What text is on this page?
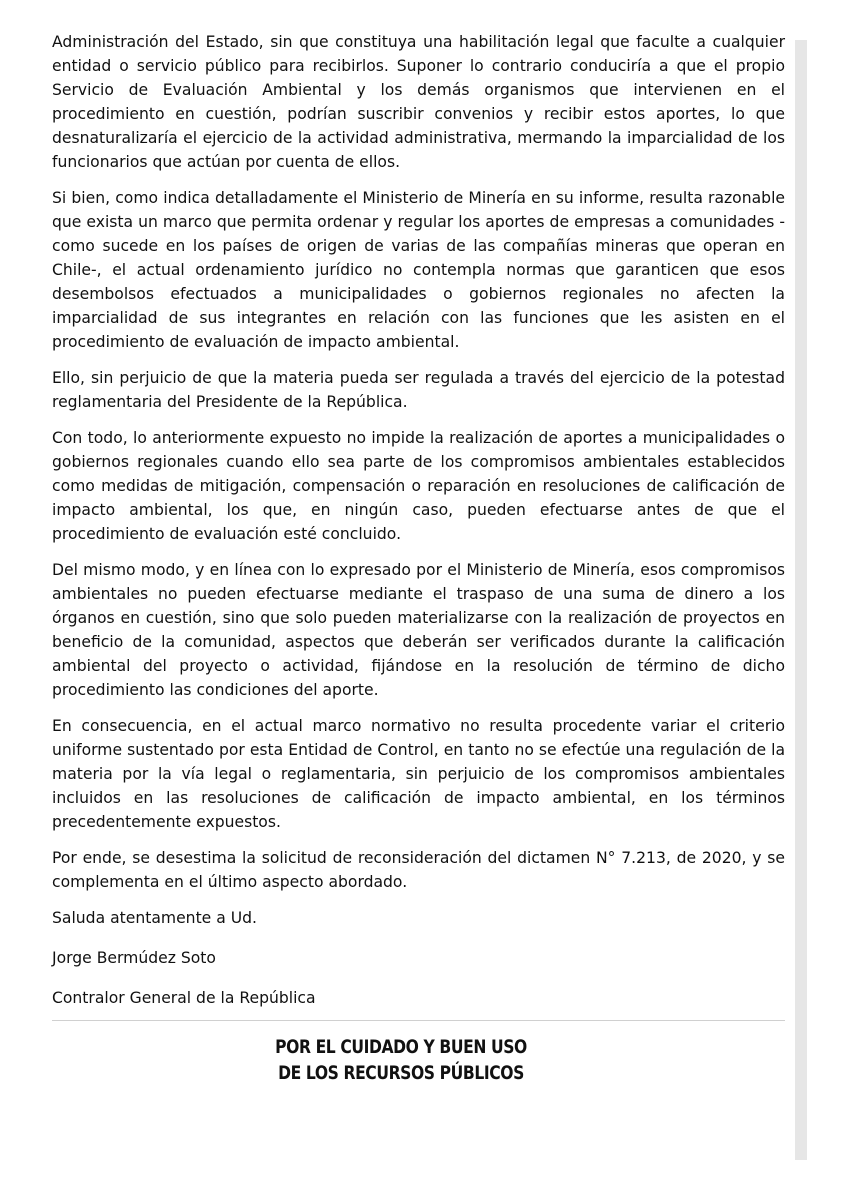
Administración del Estado, sin que constituya una habilitación legal que faculte a cualquier entidad o servicio público para recibirlos. Suponer lo contrario conduciría a que el propio Servicio de Evaluación Ambiental y los demás organismos que intervienen en el procedimiento en cuestión, podrían suscribir convenios y recibir estos aportes, lo que desnaturalizaría el ejercicio de la actividad administrativa, mermando la imparcialidad de los funcionarios que actúan por cuenta de ellos.

Si bien, como indica detalladamente el Ministerio de Minería en su informe, resulta razonable que exista un marco que permita ordenar y regular los aportes de empresas a comunidades -como sucede en los países de origen de varias de las compañías mineras que operan en Chile-, el actual ordenamiento jurídico no contempla normas que garanticen que esos desembolsos efectuados a municipalidades o gobiernos regionales no afecten la imparcialidad de sus integrantes en relación con las funciones que les asisten en el procedimiento de evaluación de impacto ambiental.

Ello, sin perjuicio de que la materia pueda ser regulada a través del ejercicio de la potestad reglamentaria del Presidente de la República.

Con todo, lo anteriormente expuesto no impide la realización de aportes a municipalidades o gobiernos regionales cuando ello sea parte de los compromisos ambientales establecidos como medidas de mitigación, compensación o reparación en resoluciones de calificación de impacto ambiental, los que, en ningún caso, pueden efectuarse antes de que el procedimiento de evaluación esté concluido.

Del mismo modo, y en línea con lo expresado por el Ministerio de Minería, esos compromisos ambientales no pueden efectuarse mediante el traspaso de una suma de dinero a los órganos en cuestión, sino que solo pueden materializarse con la realización de proyectos en beneficio de la comunidad, aspectos que deberán ser verificados durante la calificación ambiental del proyecto o actividad, fijándose en la resolución de término de dicho procedimiento las condiciones del aporte.

En consecuencia, en el actual marco normativo no resulta procedente variar el criterio uniforme sustentado por esta Entidad de Control, en tanto no se efectúe una regulación de la materia por la vía legal o reglamentaria, sin perjuicio de los compromisos ambientales incluidos en las resoluciones de calificación de impacto ambiental, en los términos precedentemente expuestos.

Por ende, se desestima la solicitud de reconsideración del dictamen N° 7.213, de 2020, y se complementa en el último aspecto abordado.

Saluda atentamente a Ud.

Jorge Bermúdez Soto

Contralor General de la República

POR EL CUIDADO Y BUEN USO
DE LOS RECURSOS PÚBLICOS
